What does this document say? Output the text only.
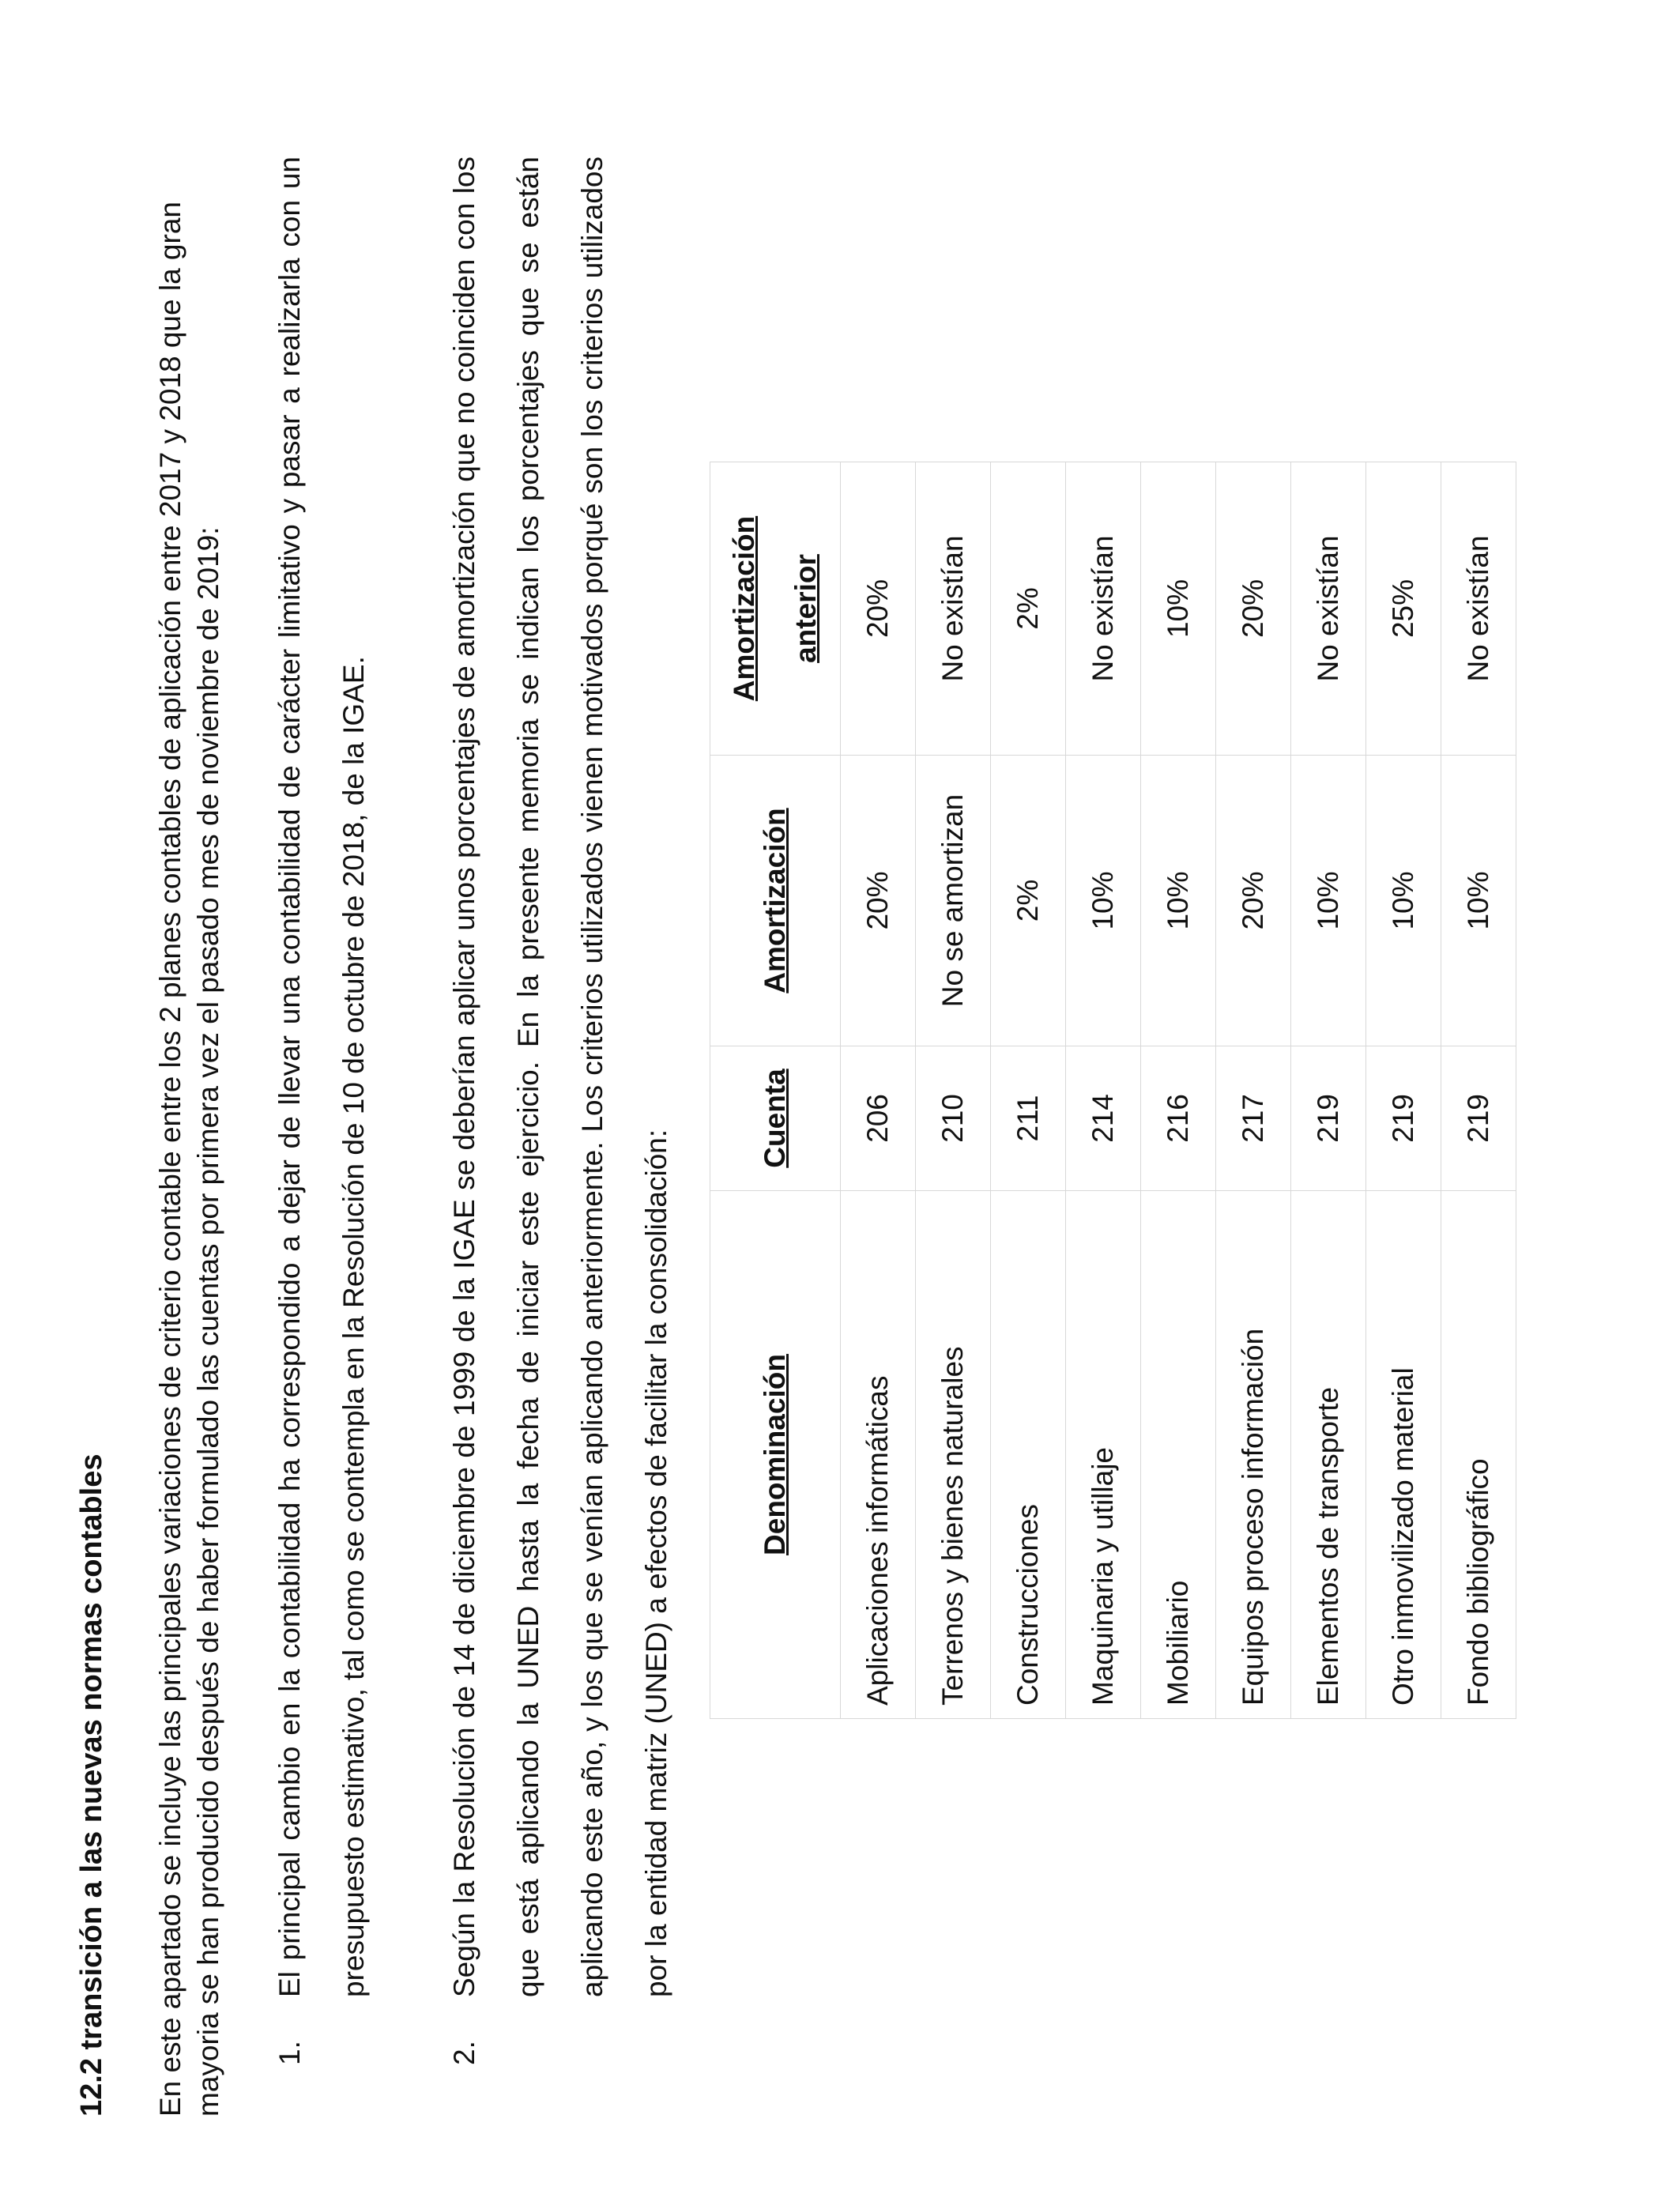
12.2 transición a las nuevas normas contables En este apartado se incluye las principales variaciones de criterio contable entre los 2 planes contables de aplicación entre 2017 y 2018 que la gran mayoria se han producido después de haber formulado las cuentas por primera vez el pasado mes de noviembre de 2019:	1.
El principal cambio en la contabilidad ha correspondido a dejar de llevar una contabilidad de carácter limitativo y pasar a realizarla con un presupuesto estimativo, tal como se contempla en la Resolución de 10 de octubre de 2018, de la IGAE.
2.
Según la Resolución de 14 de diciembre de 1999 de la IGAE se deberían aplicar unos porcentajes de amortización que no coinciden con los que está aplicando la UNED hasta la fecha de iniciar este ejercicio. En la presente memoria se indican los porcentajes que se están aplicando este año, y los que se venían aplicando anteriormente. Los criterios utilizados vienen motivados porqué son los criterios utilizados por la entidad matriz (UNED) a efectos de facilitar la consolidación:	Denominación	Cuenta	Amortización	Amortización anterior
Aplicaciones informáticas	206	20%	20%
Terrenos y bienes naturales	210	No se amortizan	No existían
Construcciones	211	2%	2%
Maquinaria y utillaje	214	10%	No existían
Mobiliario	216	10%	10%
Equipos proceso información	217	20%	20%
Elementos de transporte	219	10%	No existían
Otro inmovilizado material	219	10%	25%
Fondo bibliográfico	219	10%	No existían
